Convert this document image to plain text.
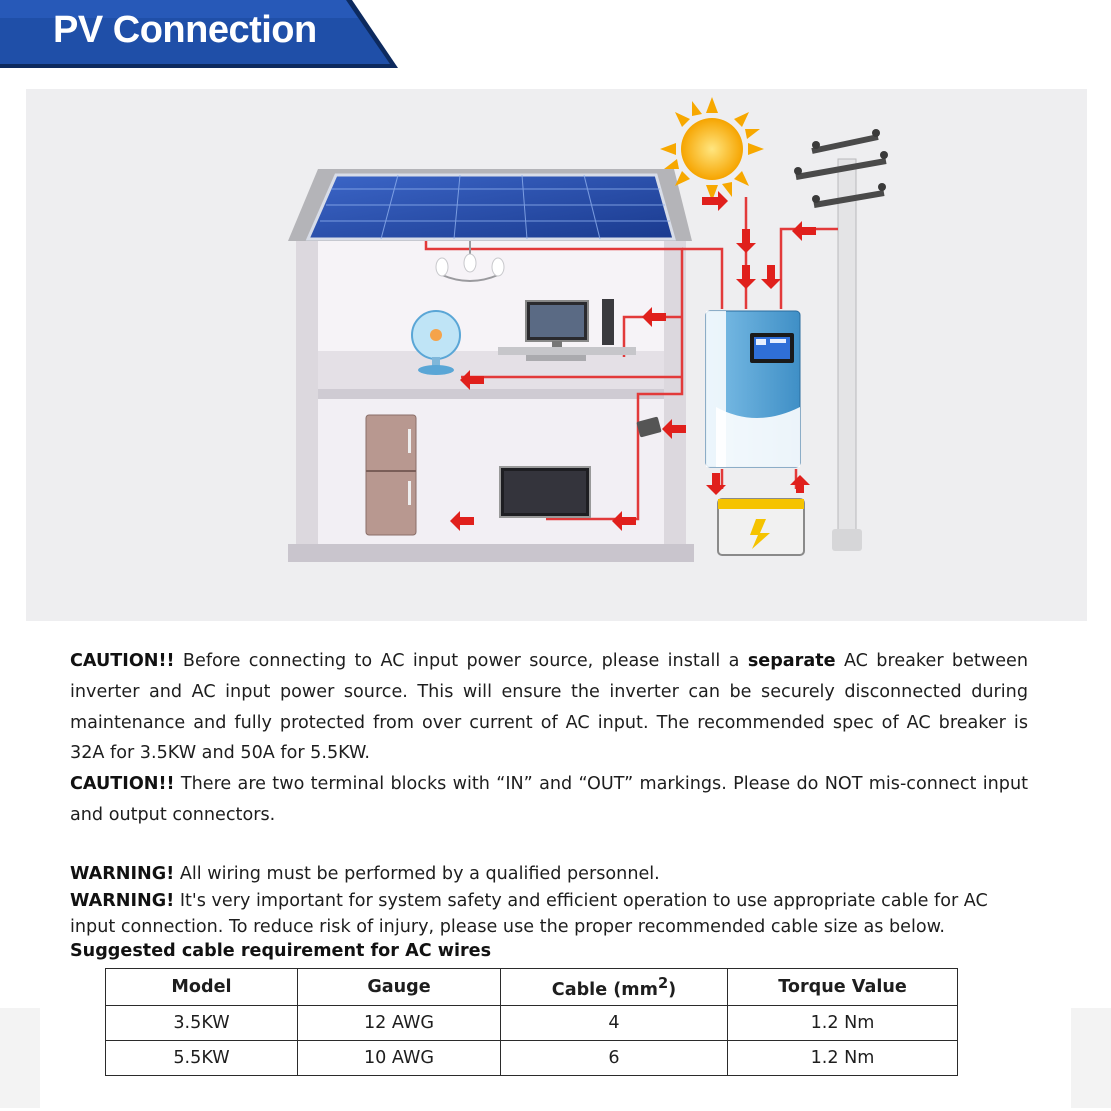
PV Connection

CAUTION!! Before connecting to AC input power source, please install a separate AC breaker between inverter and AC input power source. This will ensure the inverter can be securely disconnected during maintenance and fully protected from over current of AC input. The recommended spec of AC breaker is 32A for 3.5KW and 50A for 5.5KW.

CAUTION!! There are two terminal blocks with “IN” and “OUT” markings. Please do NOT mis-connect input and output connectors.

WARNING! All wiring must be performed by a qualified personnel.

WARNING! It's very important for system safety and efficient operation to use appropriate cable for AC input connection. To reduce risk of injury, please use the proper recommended cable size as below.

Suggested cable requirement for AC wires

Model	Gauge	Cable $(mm^2)$	Torque Value
3.5KW	12 AWG	4	1.2 Nm
5.5KW	10 AWG	6	1.2 Nm
